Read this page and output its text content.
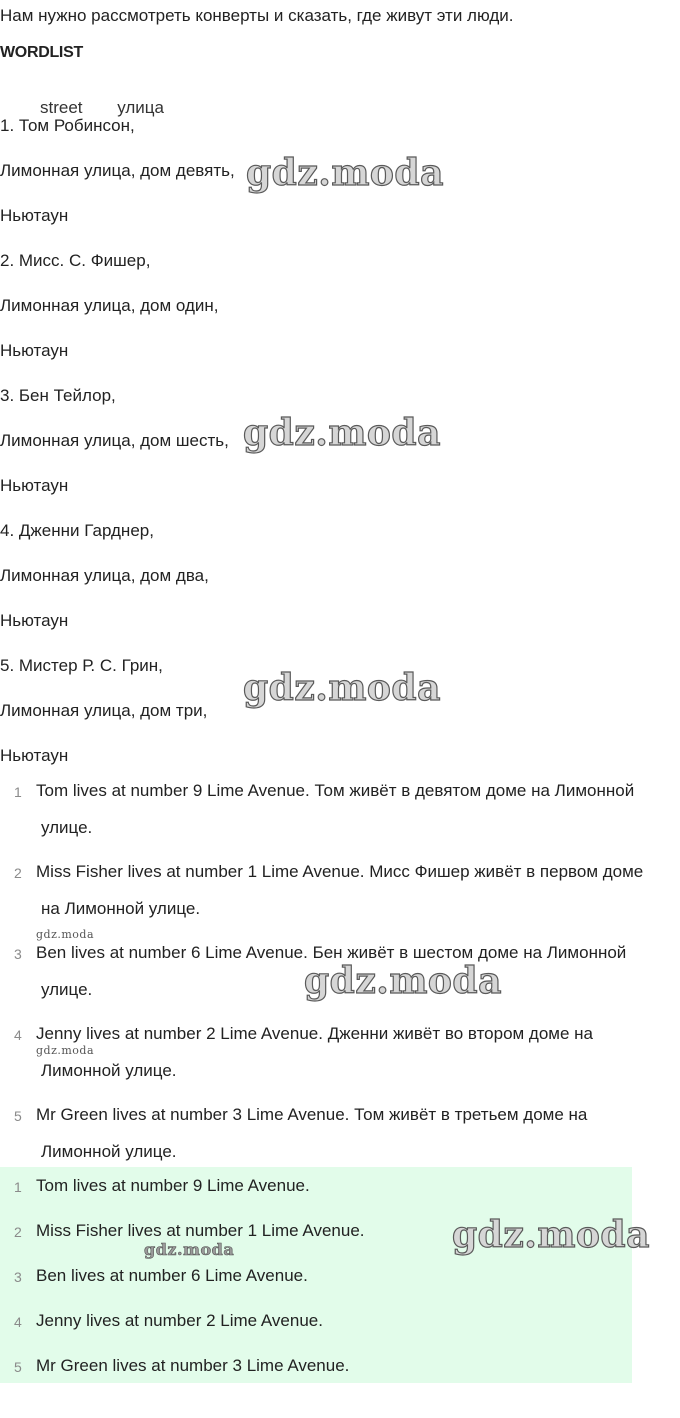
Нам нужно рассмотреть конверты и сказать, где живут эти люди.
WORDLIST
street улица
1. Том Робинсон,
Лимонная улица, дом девять,
Ньютаун
2. Мисс. С. Фишер,
Лимонная улица, дом один,
Ньютаун
3. Бен Тейлор,
Лимонная улица, дом шесть,
Ньютаун
4. Дженни Гарднер,
Лимонная улица, дом два,
Ньютаун
5. Мистер Р. С. Грин,
Лимонная улица, дом три,
Ньютаун
1 Tom lives at number 9 Lime Avenue. Том живёт в девятом доме на Лимонной
улице.
2 Miss Fisher lives at number 1 Lime Avenue. Мисс Фишер живёт в первом доме
на Лимонной улице.
3 Ben lives at number 6 Lime Avenue. Бен живёт в шестом доме на Лимонной
улице.
4 Jenny lives at number 2 Lime Avenue. Дженни живёт во втором доме на
Лимонной улице.
5 Mr Green lives at number 3 Lime Avenue. Том живёт в третьем доме на
Лимонной улице.
1 Tom lives at number 9 Lime Avenue.
2 Miss Fisher lives at number 1 Lime Avenue.
3 Ben lives at number 6 Lime Avenue.
4 Jenny lives at number 2 Lime Avenue.
5 Mr Green lives at number 3 Lime Avenue.
gdz.moda
gdz.moda
gdz.moda
gdz.moda
gdz.moda
gdz.moda
gdz.moda
gdz.moda
